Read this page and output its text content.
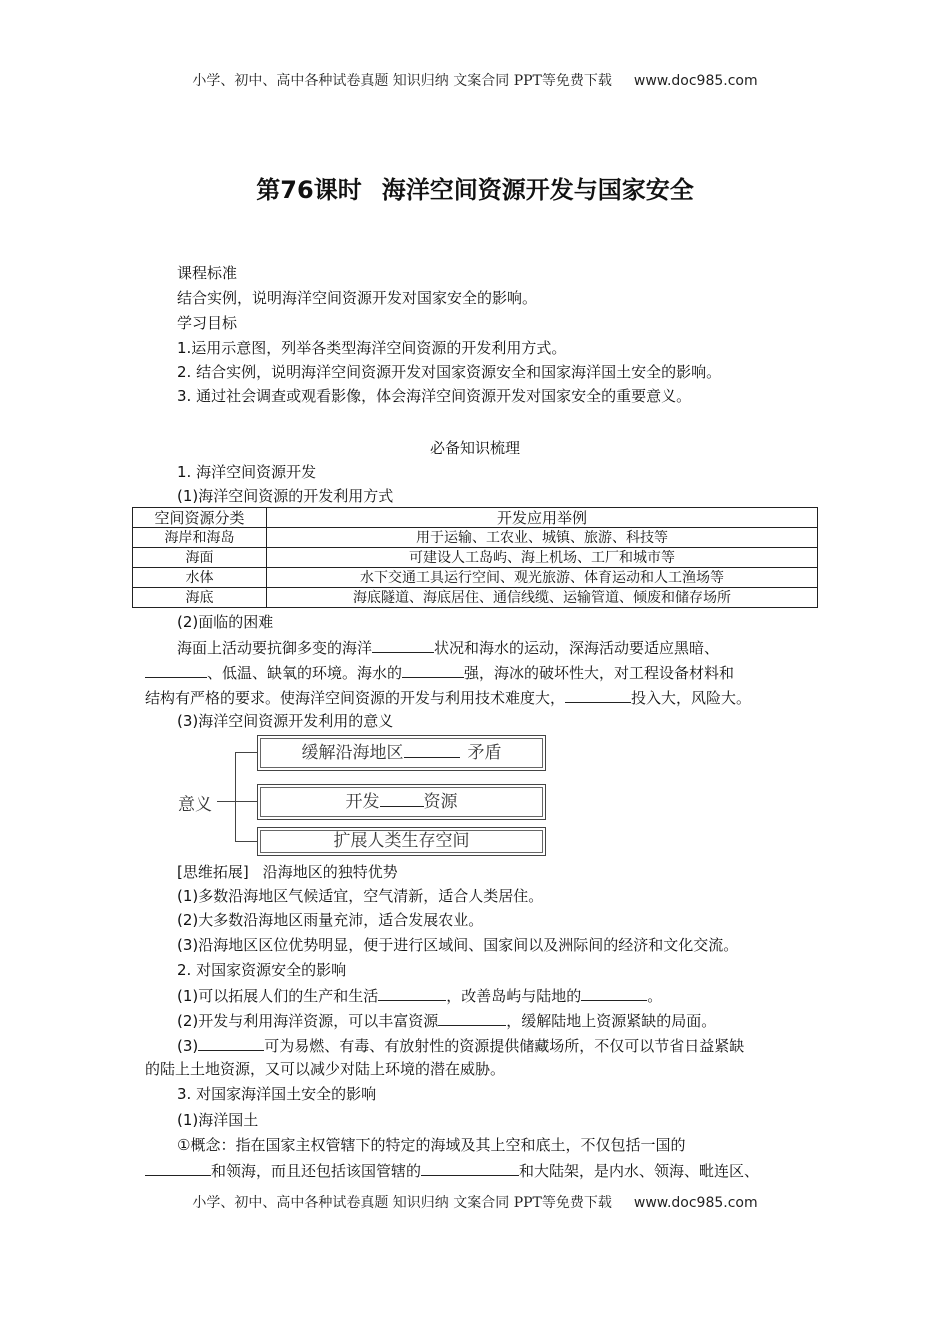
小学、初中、高中各种试卷真题 知识归纳 文案合同 PPT等免费下载 www.doc985.com
第76课时 海洋空间资源开发与国家安全
课程标准
结合实例，说明海洋空间资源开发对国家安全的影响。
学习目标
1.运用示意图，列举各类型海洋空间资源的开发利用方式。
2. 结合实例，说明海洋空间资源开发对国家资源安全和国家海洋国土安全的影响。
3. 通过社会调查或观看影像，体会海洋空间资源开发对国家安全的重要意义。
必备知识梳理
1. 海洋空间资源开发
(1)海洋空间资源的开发利用方式
空间资源分类	开发应用举例
海岸和海岛	用于运输、工农业、城镇、旅游、科技等
海面	可建设人工岛屿、海上机场、工厂和城市等
水体	水下交通工具运行空间、观光旅游、体育运动和人工渔场等
海底	海底隧道、海底居住、通信线缆、运输管道、倾废和储存场所
(2)面临的困难
海面上活动要抗御多变的海洋	状况和海水的运动，深海活动要适应黑暗、
、低温、缺氧的环境。海水的	强，海冰的破坏性大，对工程设备材料和
结构有严格的要求。使海洋空间资源的开发与利用技术难度大，	投入大，风险大。
(3)海洋空间资源开发利用的意义
意义
缓解沿海地区	矛盾
开发	资源
扩展人类生存空间
[思维拓展] 沿海地区的独特优势
(1)多数沿海地区气候适宜，空气清新，适合人类居住。
(2)大多数沿海地区雨量充沛，适合发展农业。
(3)沿海地区区位优势明显，便于进行区域间、国家间以及洲际间的经济和文化交流。
2. 对国家资源安全的影响
(1)可以拓展人们的生产和生活	，改善岛屿与陆地的	。
(2)开发与利用海洋资源，可以丰富资源	，缓解陆地上资源紧缺的局面。
(3)	可为易燃、有毒、有放射性的资源提供储藏场所，不仅可以节省日益紧缺
的陆上土地资源，又可以减少对陆上环境的潜在威胁。
3. 对国家海洋国土安全的影响
(1)海洋国土
①概念：指在国家主权管辖下的特定的海域及其上空和底土，不仅包括一国的
和领海，而且还包括该国管辖的	和大陆架，是内水、领海、毗连区、
小学、初中、高中各种试卷真题 知识归纳 文案合同 PPT等免费下载 www.doc985.com
